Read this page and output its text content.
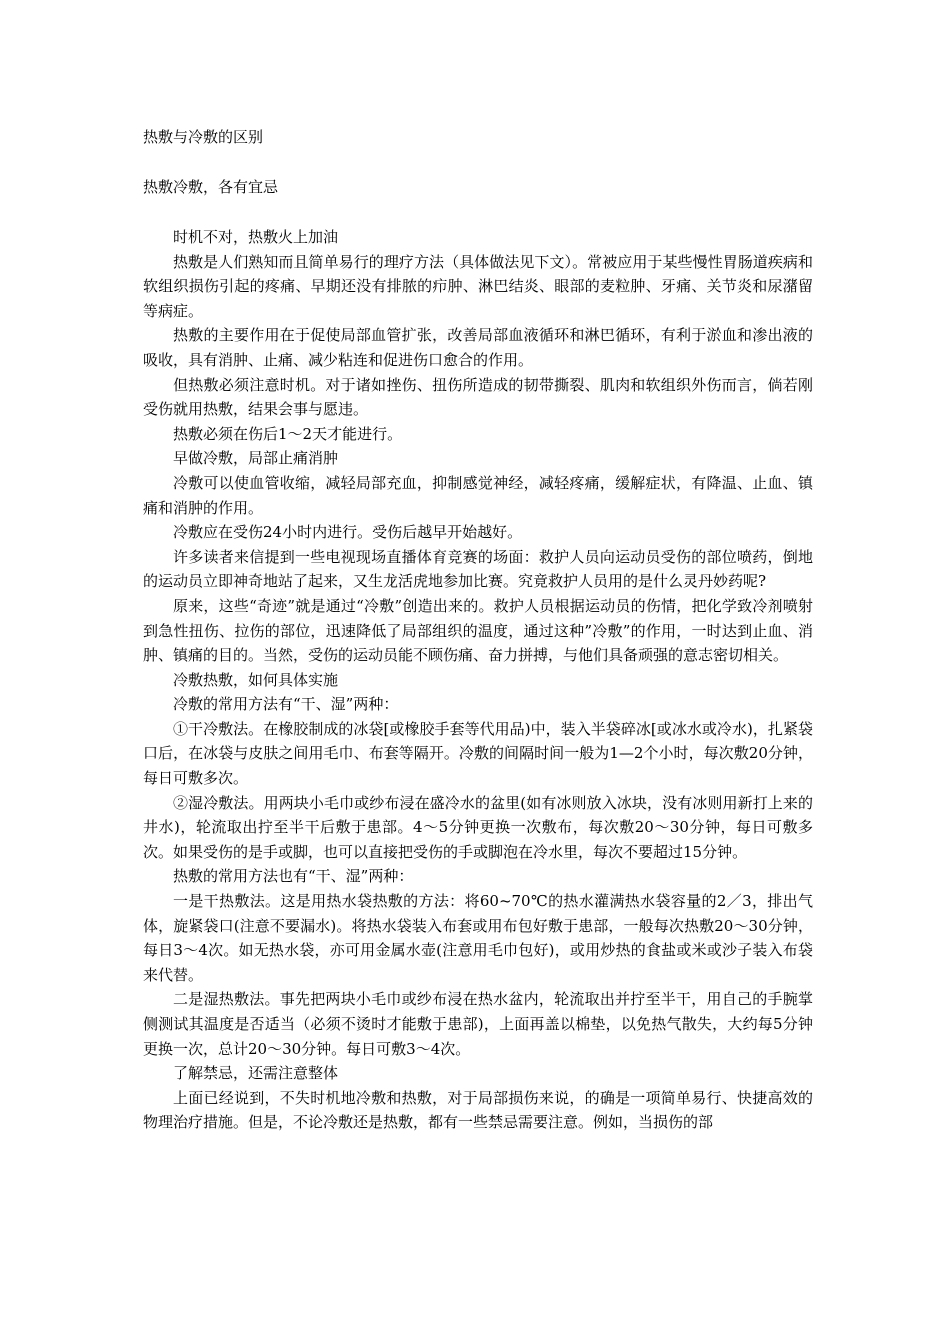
热敷与冷敷的区别
热敷冷敷，各有宜忌

时机不对，热敷火上加油

热敷是人们熟知而且简单易行的理疗方法（具体做法见下文）。常被应用于某些慢性胃肠道疾病和软组织损伤引起的疼痛、早期还没有排脓的疖肿、淋巴结炎、眼部的麦粒肿、牙痛、关节炎和尿潴留等病症。

热敷的主要作用在于促使局部血管扩张，改善局部血液循环和淋巴循环，有利于淤血和渗出液的吸收，具有消肿、止痛、减少粘连和促进伤口愈合的作用。

但热敷必须注意时机。对于诸如挫伤、扭伤所造成的韧带撕裂、肌肉和软组织外伤而言，倘若刚受伤就用热敷，结果会事与愿违。

热敷必须在伤后1～2天才能进行。

早做冷敷，局部止痛消肿

冷敷可以使血管收缩，减轻局部充血，抑制感觉神经，减轻疼痛，缓解症状，有降温、止血、镇痛和消肿的作用。

冷敷应在受伤24小时内进行。受伤后越早开始越好。

许多读者来信提到一些电视现场直播体育竞赛的场面：救护人员向运动员受伤的部位喷药，倒地的运动员立即神奇地站了起来，又生龙活虎地参加比赛。究竟救护人员用的是什么灵丹妙药呢?

原来，这些“奇迹”就是通过“冷敷”创造出来的。救护人员根据运动员的伤情，把化学致冷剂喷射到急性扭伤、拉伤的部位，迅速降低了局部组织的温度，通过这种”冷敷”的作用，一时达到止血、消肿、镇痛的目的。当然，受伤的运动员能不顾伤痛、奋力拼搏，与他们具备顽强的意志密切相关。

冷敷热敷，如何具体实施

冷敷的常用方法有“干、湿”两种：

①干冷敷法。在橡胶制成的冰袋[或橡胶手套等代用品)中，装入半袋碎冰[或冰水或冷水)，扎紧袋口后，在冰袋与皮肤之间用毛巾、布套等隔开。冷敷的间隔时间一般为1—2个小时，每次敷20分钟，每日可敷多次。

②湿冷敷法。用两块小毛巾或纱布浸在盛冷水的盆里(如有冰则放入冰块，没有冰则用新打上来的井水)，轮流取出拧至半干后敷于患部。4～5分钟更换一次敷布，每次敷20～30分钟，每日可敷多次。如果受伤的是手或脚，也可以直接把受伤的手或脚泡在冷水里，每次不要超过15分钟。

热敷的常用方法也有“干、湿”两种：

一是干热敷法。这是用热水袋热敷的方法：将60~70℃的热水灌满热水袋容量的2／3，排出气体，旋紧袋口(注意不要漏水)。将热水袋装入布套或用布包好敷于患部，一般每次热敷20～30分钟，每日3～4次。如无热水袋，亦可用金属水壶(注意用毛巾包好)，或用炒热的食盐或米或沙子装入布袋来代替。

二是湿热敷法。事先把两块小毛巾或纱布浸在热水盆内，轮流取出并拧至半干，用自己的手腕掌侧测试其温度是否适当（必须不烫时才能敷于患部)，上面再盖以棉垫，以免热气散失，大约每5分钟更换一次，总计20～30分钟。每日可敷3～4次。

了解禁忌，还需注意整体

上面已经说到，不失时机地冷敷和热敷，对于局部损伤来说，的确是一项简单易行、快捷高效的物理治疗措施。但是，不论冷敷还是热敷，都有一些禁忌需要注意。例如，当损伤的部
